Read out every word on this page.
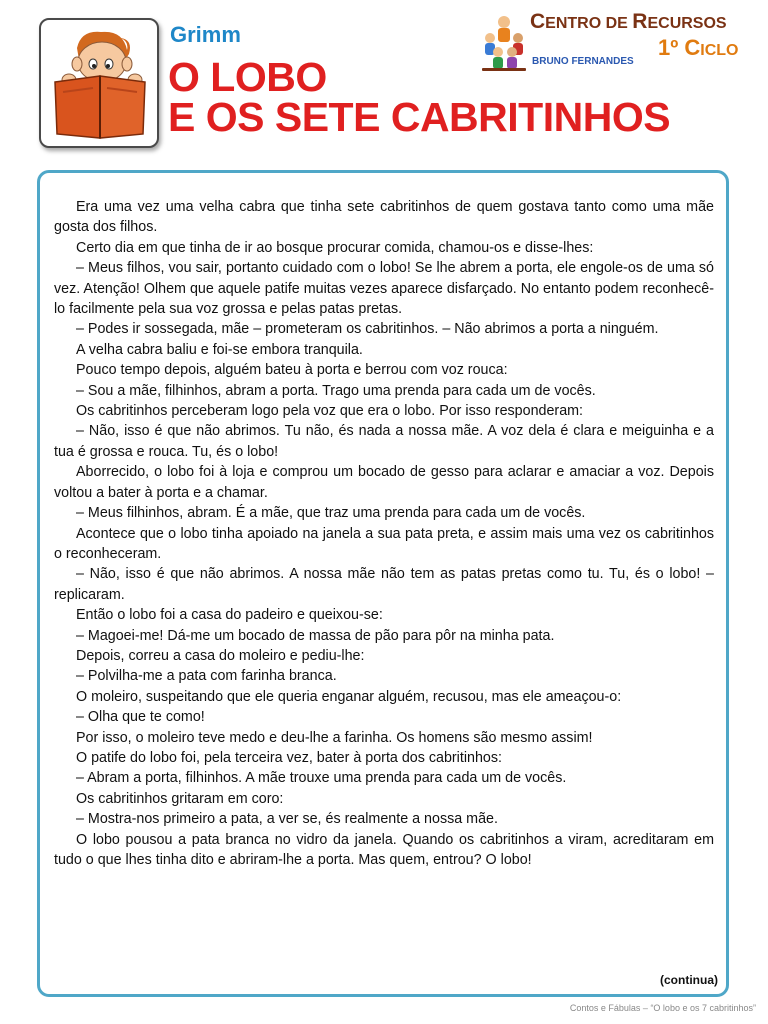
Grimm
O LOBO
E OS SETE CABRITINHOS
CENTRO DE RECURSOS
1º CICLO
BRUNO FERNANDES

Era uma vez uma velha cabra que tinha sete cabritinhos de quem gostava tanto como uma mãe gosta dos filhos.

Certo dia em que tinha de ir ao bosque procurar comida, chamou-os e disse-lhes:

– Meus filhos, vou sair, portanto cuidado com o lobo! Se lhe abrem a porta, ele engole-os de uma só vez. Atenção! Olhem que aquele patife muitas vezes aparece disfarçado. No entanto podem reconhecê-lo facilmente pela sua voz grossa e pelas patas pretas.

– Podes ir sossegada, mãe – prometeram os cabritinhos. – Não abrimos a porta a ninguém.

A velha cabra baliu e foi-se embora tranquila.

Pouco tempo depois, alguém bateu à porta e berrou com voz rouca:

– Sou a mãe, filhinhos, abram a porta. Trago uma prenda para cada um de vocês.

Os cabritinhos perceberam logo pela voz que era o lobo. Por isso responderam:

– Não, isso é que não abrimos. Tu não, és nada a nossa mãe. A voz dela é clara e meiguinha e a tua é grossa e rouca. Tu, és o lobo!

Aborrecido, o lobo foi à loja e comprou um bocado de gesso para aclarar e amaciar a voz. Depois voltou a bater à porta e a chamar.

– Meus filhinhos, abram. É a mãe, que traz uma prenda para cada um de vocês.

Acontece que o lobo tinha apoiado na janela a sua pata preta, e assim mais uma vez os cabritinhos o reconheceram.

– Não, isso é que não abrimos. A nossa mãe não tem as patas pretas como tu. Tu, és o lobo! – replicaram.

Então o lobo foi a casa do padeiro e queixou-se:

– Magoei-me! Dá-me um bocado de massa de pão para pôr na minha pata.

Depois, correu a casa do moleiro e pediu-lhe:

– Polvilha-me a pata com farinha branca.

O moleiro, suspeitando que ele queria enganar alguém, recusou, mas ele ameaçou-o:

– Olha que te como!

Por isso, o moleiro teve medo e deu-lhe a farinha. Os homens são mesmo assim!

O patife do lobo foi, pela terceira vez, bater à porta dos cabritinhos:

– Abram a porta, filhinhos. A mãe trouxe uma prenda para cada um de vocês.

Os cabritinhos gritaram em coro:

– Mostra-nos primeiro a pata, a ver se, és realmente a nossa mãe.

O lobo pousou a pata branca no vidro da janela. Quando os cabritinhos a viram, acreditaram em tudo o que lhes tinha dito e abriram-lhe a porta. Mas quem, entrou? O lobo!

(continua)
Contos e Fábulas – “O lobo e os 7 cabritinhos”
